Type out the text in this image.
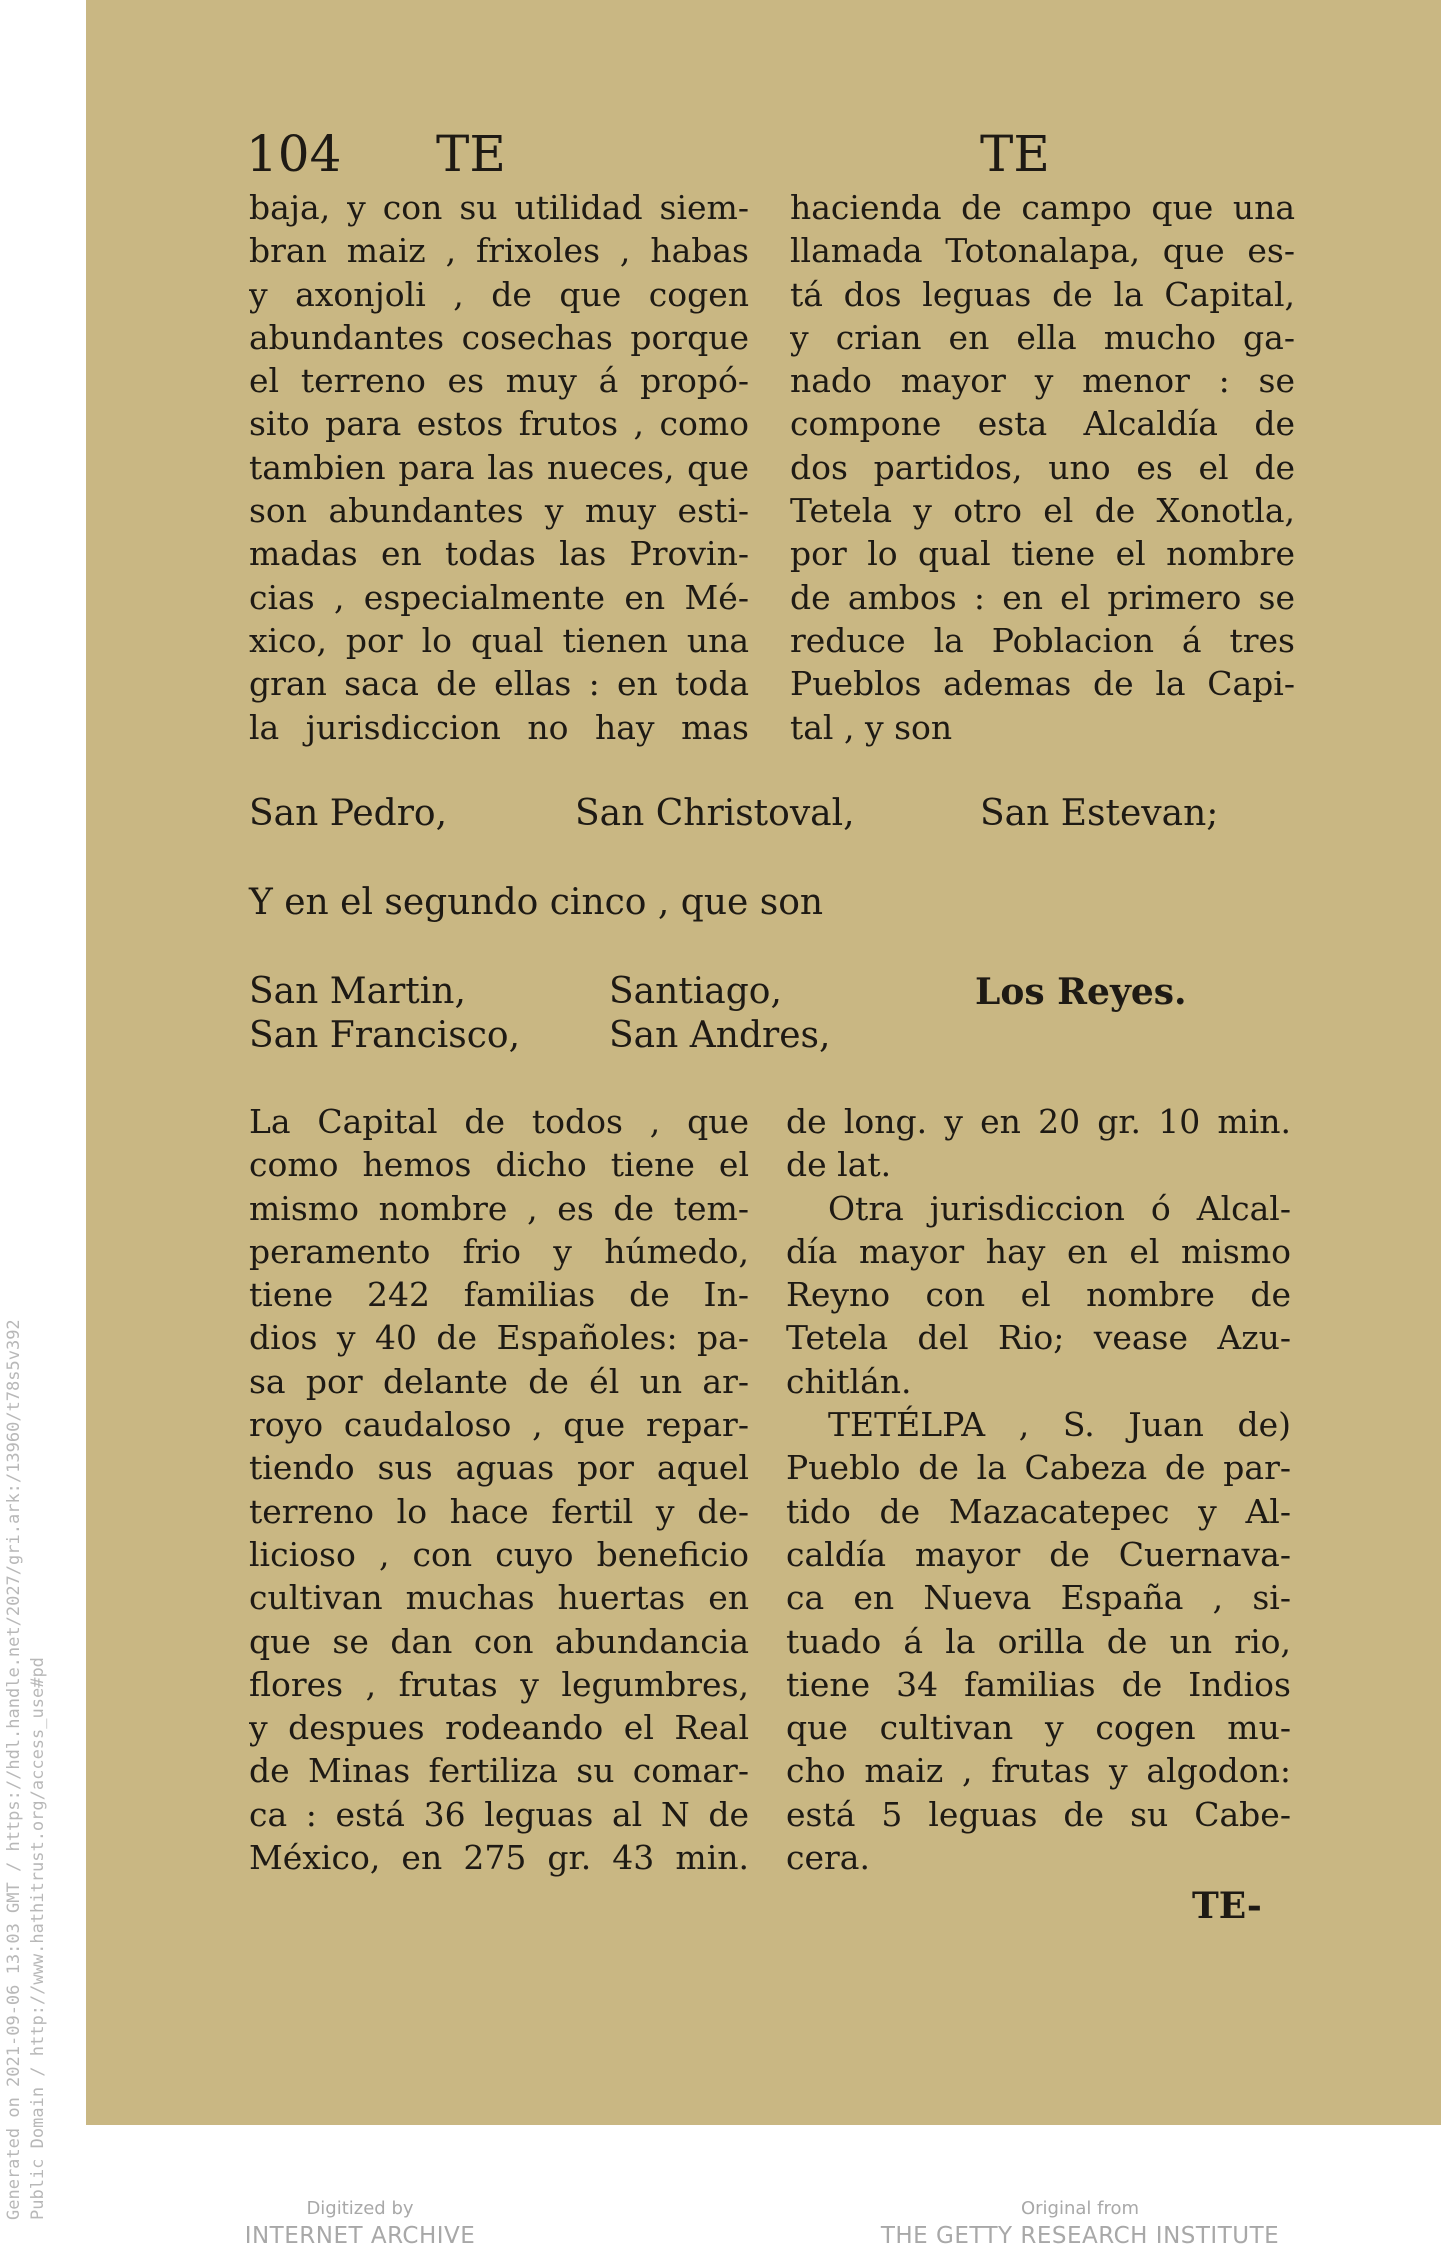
Generated on 2021-09-06 13:03 GMT / https://hdl.handle.net/2027/gri.ark:/13960/t78s5v392 Public Domain / http://www.hathitrust.org/access_use#pd
104 TE	TE
baja, y con su utilidad siem-
bran maiz , frixoles , habas
y axonjoli , de que cogen
abundantes cosechas porque
el terreno es muy á propó-
sito para estos frutos , como
tambien para las nueces, que
son abundantes y muy esti-
madas en todas las Provin-
cias , especialmente en Mé-
xico, por lo qual tienen una
gran saca de ellas : en toda
la jurisdiccion no hay mas
hacienda de campo que una
llamada Totonalapa, que es-
tá dos leguas de la Capital,
y crian en ella mucho ga-
nado mayor y menor : se
compone esta Alcaldía de
dos partidos, uno es el de
Tetela y otro el de Xonotla,
por lo qual tiene el nombre
de ambos : en el primero se
reduce la Poblacion á tres
Pueblos ademas de la Capi-
tal , y son
San Pedro,	San Christoval,	San Estevan;
Y en el segundo cinco , que son
San Martin,	Santiago,	Los Reyes.
San Francisco, San Andres,
La Capital de todos , que
como hemos dicho tiene el
mismo nombre , es de tem-
peramento frio y húmedo,
tiene 242 familias de In-
dios y 40 de Españoles: pa-
sa por delante de él un ar-
royo caudaloso , que repar-
tiendo sus aguas por aquel
terreno lo hace fertil y de-
licioso , con cuyo beneficio
cultivan muchas huertas en
que se dan con abundancia
flores , frutas y legumbres,
y despues rodeando el Real
de Minas fertiliza su comar-
ca : está 36 leguas al N de
México, en 275 gr. 43 min.
de long. y en 20 gr. 10 min.
de lat.
Otra jurisdiccion ó Alcal-
día mayor hay en el mismo
Reyno con el nombre de
Tetela del Rio; vease Azu-
chitlán.
TETÉLPA , S. Juan de)
Pueblo de la Cabeza de par-
tido de Mazacatepec y Al-
caldía mayor de Cuernava-
ca en Nueva España , si-
tuado á la orilla de un rio,
tiene 34 familias de Indios
que cultivan y cogen mu-
cho maiz , frutas y algodon:
está 5 leguas de su Cabe-
cera.
TE-
Digitized by
INTERNET ARCHIVE
Original from
THE GETTY RESEARCH INSTITUTE
